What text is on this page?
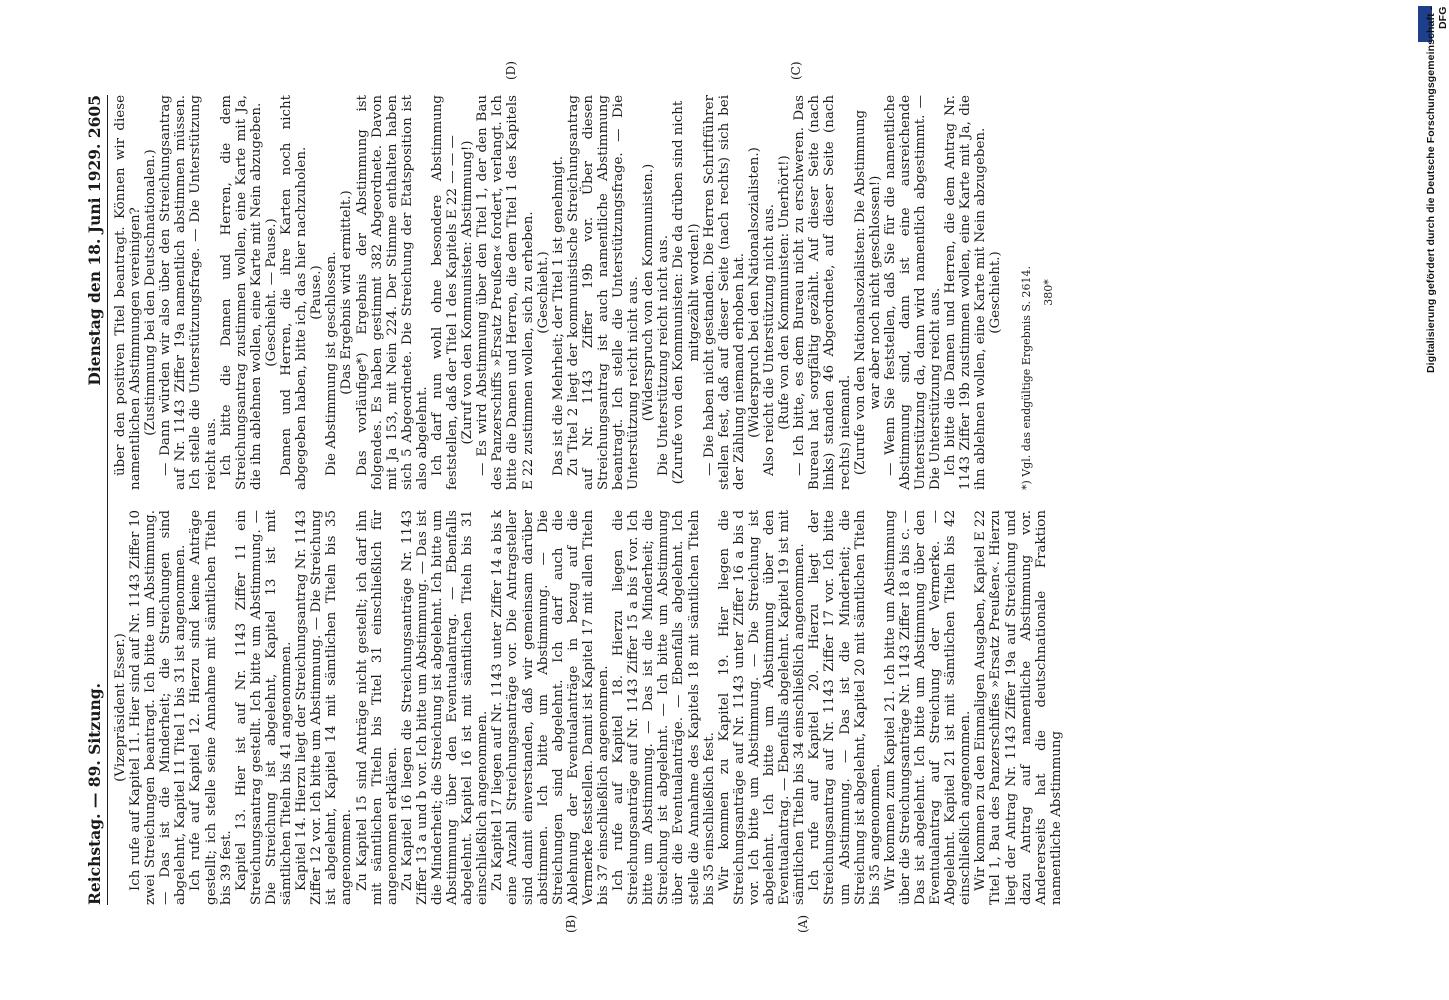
Digitalisierung gefördert durch die Deutsche Forschungsgemeinschaft - DFG
Reichstag. — 89. Sitzung.
Dienstag den 18. Juni 1929. 2605
(A)
(B)
(C)
(D)

(Vizepräsident Esser.) Ich rufe auf Kapitel 11. Hier sind auf Nr. 1143 Ziffer 10 zwei Streichungen beantragt. Ich bitte um Abstimmung. — Das ist die Minderheit; die Streichungen sind abgelehnt, Kapitel 11 Titel 1 bis 31 ist angenommen. Ich rufe auf Kapitel 12. Hierzu sind keine Anträge gestellt; ich stelle seine Annahme mit sämtlichen Titeln bis 39 fest. Kapitel 13. Hier ist auf Nr. 1143 Ziffer 11 ein Streichungsantrag gestellt. Ich bitte um Abstimmung. — Die Streichung ist abgelehnt, Kapitel 13 ist mit sämtlichen Titeln bis 41 angenommen. Kapitel 14. Hierzu liegt der Streichungsantrag Nr. 1143 Ziffer 12 vor. Ich bitte um Abstimmung. — Die Streichung ist abgelehnt, Kapitel 14 mit sämtlichen Titeln bis 35 angenommen. Zu Kapitel 15 sind Anträge nicht gestellt; ich darf ihn mit sämtlichen Titeln bis Titel 31 einschließlich für angenommen erklären. Zu Kapitel 16 liegen die Streichungsanträge Nr. 1143 Ziffer 13 a und b vor. Ich bitte um Abstimmung. — Das ist die Minderheit; die Streichung ist abgelehnt. Ich bitte um Abstimmung über den Eventualantrag. — Ebenfalls abgelehnt. Kapitel 16 ist mit sämtlichen Titeln bis 31 einschließlich angenommen. Zu Kapitel 17 liegen auf Nr. 1143 unter Ziffer 14 a bis k eine Anzahl Streichungsanträge vor. Die Antragsteller sind damit einverstanden, daß wir gemeinsam darüber abstimmen. Ich bitte um Abstimmung. — Die Streichungen sind abgelehnt. Ich darf auch die Ablehnung der Eventualanträge in bezug auf die Vermerke feststellen. Damit ist Kapitel 17 mit allen Titeln bis 37 einschließlich angenommen. Ich rufe auf Kapitel 18. Hierzu liegen die Streichungsanträge auf Nr. 1143 Ziffer 15 a bis f vor. Ich bitte um Abstimmung. — Das ist die Minderheit; die Streichung ist abgelehnt. — Ich bitte um Abstimmung über die Eventualanträge. — Ebenfalls abgelehnt. Ich stelle die Annahme des Kapitels 18 mit sämtlichen Titeln bis 35 einschließlich fest. Wir kommen zu Kapitel 19. Hier liegen die Streichungsanträge auf Nr. 1143 unter Ziffer 16 a bis d vor. Ich bitte um Abstimmung. — Die Streichung ist abgelehnt. Ich bitte um Abstimmung über den Eventualantrag. — Ebenfalls abgelehnt. Kapitel 19 ist mit sämtlichen Titeln bis 34 einschließlich angenommen. Ich rufe auf Kapitel 20. Hierzu liegt der Streichungsantrag auf Nr. 1143 Ziffer 17 vor. Ich bitte um Abstimmung. — Das ist die Minderheit; die Streichung ist abgelehnt, Kapitel 20 mit sämtlichen Titeln bis 35 angenommen. Wir kommen zum Kapitel 21. Ich bitte um Abstimmung über die Streichungsanträge Nr. 1143 Ziffer 18 a bis c. — Das ist abgelehnt. Ich bitte um Abstimmung über den Eventualantrag auf Streichung der Vermerke. — Abgelehnt. Kapitel 21 ist mit sämtlichen Titeln bis 42 einschließlich angenommen. Wir kommen zu den Einmaligen Ausgaben, Kapitel E 22 Titel 1, Bau des Panzerschiffes »Ersatz Preußen«. Hierzu liegt der Antrag Nr. 1143 Ziffer 19a auf Streichung und dazu Antrag auf namentliche Abstimmung vor. Andererseits hat die deutschnationale Fraktion namentliche Abstimmung

über den positiven Titel beantragt. Können wir diese namentlichen Abstimmungen vereinigen? (Zustimmung bei den Deutschnationalen.) — Dann würden wir also über den Streichungsantrag auf Nr. 1143 Ziffer 19a namentlich abstimmen müssen. Ich stelle die Unterstützungsfrage. — Die Unterstützung reicht aus. Ich bitte die Damen und Herren, die dem Streichungsantrag zustimmen wollen, eine Karte mit Ja, die ihn ablehnen wollen, eine Karte mit Nein abzugeben. (Geschieht. — Pause.) Damen und Herren, die ihre Karten noch nicht abgegeben haben, bitte ich, das hier nachzuholen. (Pause.) Die Abstimmung ist geschlossen. (Das Ergebnis wird ermittelt.) Das vorläufige*) Ergebnis der Abstimmung ist folgendes. Es haben gestimmt 382 Abgeordnete. Davon mit Ja 153, mit Nein 224. Der Stimme enthalten haben sich 5 Abgeordnete. Die Streichung der Etatsposition ist also abgelehnt. Ich darf nun wohl ohne besondere Abstimmung feststellen, daß der Titel 1 des Kapitels E 22 — — — (Zuruf von den Kommunisten: Abstimmung!) — Es wird Abstimmung über den Titel 1, der den Bau des Panzerschiffs »Ersatz Preußen« fordert, verlangt. Ich bitte die Damen und Herren, die dem Titel 1 des Kapitels E 22 zustimmen wollen, sich zu erheben. (Geschieht.) Das ist die Mehrheit; der Titel 1 ist genehmigt. Zu Titel 2 liegt der kommunistische Streichungsantrag auf Nr. 1143 Ziffer 19b vor. Über diesen Streichungsantrag ist auch namentliche Abstimmung beantragt. Ich stelle die Unterstützungsfrage. — Die Unterstützung reicht nicht aus. (Widerspruch von den Kommunisten.) Die Unterstützung reicht nicht aus. (Zurufe von den Kommunisten: Die da drüben sind nicht mitgezählt worden!) — Die haben nicht gestanden. Die Herren Schriftführer stellen fest, daß auf dieser Seite (nach rechts) sich bei der Zählung niemand erhoben hat. (Widerspruch bei den Nationalsozialisten.) Also reicht die Unterstützung nicht aus. (Rufe von den Kommunisten: Unerhört!) — Ich bitte, es dem Bureau nicht zu erschweren. Das Bureau hat sorgfältig gezählt. Auf dieser Seite (nach links) standen 46 Abgeordnete, auf dieser Seite (nach rechts) niemand. (Zurufe von den Nationalsozialisten: Die Abstimmung war aber noch nicht geschlossen!) — Wenn Sie feststellen, daß Sie für die namentliche Abstimmung sind, dann ist eine ausreichende Unterstützung da, dann wird namentlich abgestimmt. — Die Unterstützung reicht aus. Ich bitte die Damen und Herren, die dem Antrag Nr. 1143 Ziffer 19b zustimmen wollen, eine Karte mit Ja, die ihn ablehnen wollen, eine Karte mit Nein abzugeben. (Geschieht.) *) Vgl. das endgültige Ergebnis S. 2614. 380*
